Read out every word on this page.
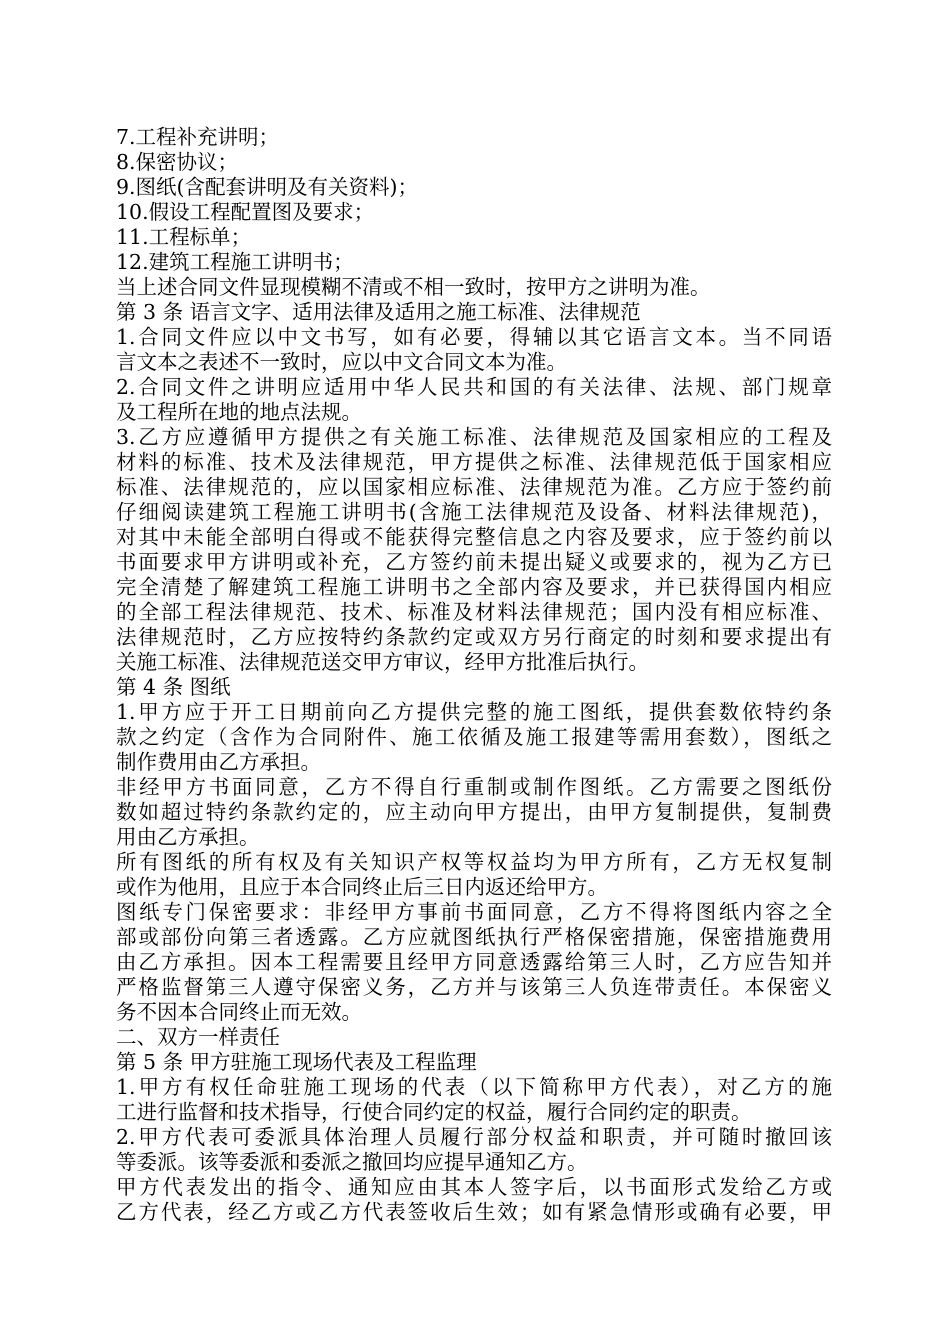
7.工程补充讲明；
8.保密协议；
9.图纸(含配套讲明及有关资料)；
10.假设工程配置图及要求；
11.工程标单；
12.建筑工程施工讲明书；
当上述合同文件显现模糊不清或不相一致时，按甲方之讲明为准。
第 3 条 语言文字、适用法律及适用之施工标准、法律规范
1.合同文件应以中文书写，如有必要，得辅以其它语言文本。当不同语
言文本之表述不一致时，应以中文合同文本为准。
2.合同文件之讲明应适用中华人民共和国的有关法律、法规、部门规章
及工程所在地的地点法规。
3.乙方应遵循甲方提供之有关施工标准、法律规范及国家相应的工程及
材料的标准、技术及法律规范，甲方提供之标准、法律规范低于国家相应
标准、法律规范的，应以国家相应标准、法律规范为准。乙方应于签约前
仔细阅读建筑工程施工讲明书(含施工法律规范及设备、材料法律规范)，
对其中未能全部明白得或不能获得完整信息之内容及要求，应于签约前以
书面要求甲方讲明或补充，乙方签约前未提出疑义或要求的，视为乙方已
完全清楚了解建筑工程施工讲明书之全部内容及要求，并已获得国内相应
的全部工程法律规范、技术、标准及材料法律规范；国内没有相应标准、
法律规范时，乙方应按特约条款约定或双方另行商定的时刻和要求提出有
关施工标准、法律规范送交甲方审议，经甲方批准后执行。
第 4 条 图纸
1.甲方应于开工日期前向乙方提供完整的施工图纸，提供套数依特约条
款之约定（含作为合同附件、施工依循及施工报建等需用套数），图纸之
制作费用由乙方承担。
非经甲方书面同意，乙方不得自行重制或制作图纸。乙方需要之图纸份
数如超过特约条款约定的，应主动向甲方提出，由甲方复制提供，复制费
用由乙方承担。
所有图纸的所有权及有关知识产权等权益均为甲方所有，乙方无权复制
或作为他用，且应于本合同终止后三日内返还给甲方。
图纸专门保密要求：非经甲方事前书面同意，乙方不得将图纸内容之全
部或部份向第三者透露。乙方应就图纸执行严格保密措施，保密措施费用
由乙方承担。因本工程需要且经甲方同意透露给第三人时，乙方应告知并
严格监督第三人遵守保密义务，乙方并与该第三人负连带责任。本保密义
务不因本合同终止而无效。
二、双方一样责任
第 5 条 甲方驻施工现场代表及工程监理
1.甲方有权任命驻施工现场的代表（以下简称甲方代表），对乙方的施
工进行监督和技术指导，行使合同约定的权益，履行合同约定的职责。
2.甲方代表可委派具体治理人员履行部分权益和职责，并可随时撤回该
等委派。该等委派和委派之撤回均应提早通知乙方。
甲方代表发出的指令、通知应由其本人签字后，以书面形式发给乙方或
乙方代表，经乙方或乙方代表签收后生效；如有紧急情形或确有必要，甲
